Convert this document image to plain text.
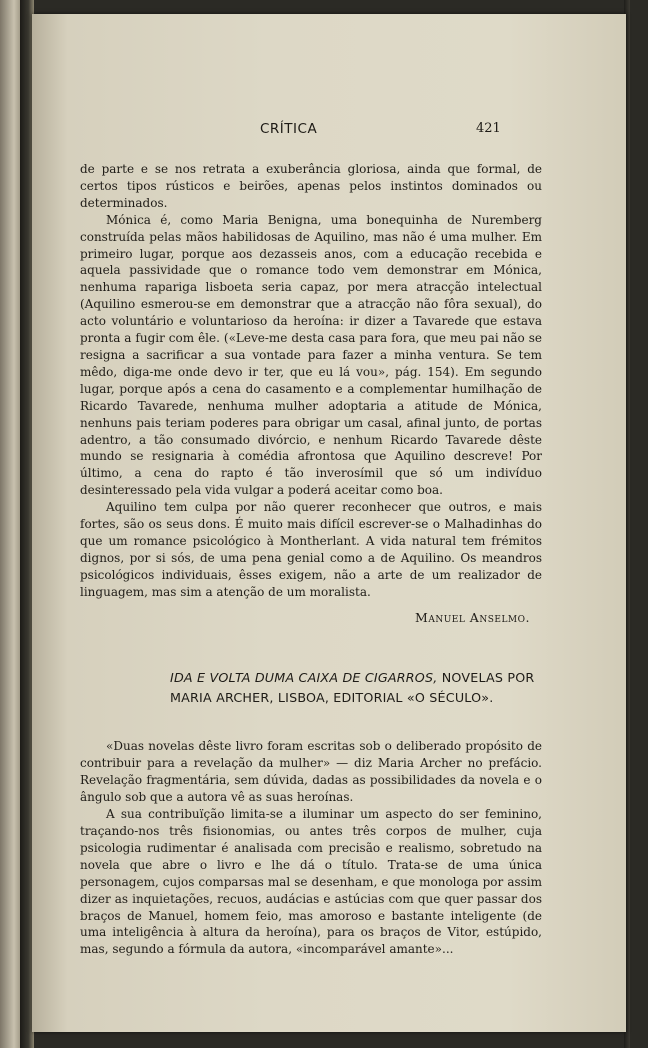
CRÍTICA	421

de parte e se nos retrata a exuberância gloriosa, ainda que formal, de certos tipos rústicos e beirões, apenas pelos instintos dominados ou determinados.

Mónica é, como Maria Benigna, uma bonequinha de Nuremberg construída pelas mãos habilidosas de Aquilino, mas não é uma mulher. Em primeiro lugar, porque aos dezasseis anos, com a educação recebida e aquela passividade que o romance todo vem demonstrar em Mónica, nenhuma rapariga lisboeta seria capaz, por mera atracção intelectual (Aquilino esmerou-se em demonstrar que a atracção não fôra sexual), do acto voluntário e voluntarioso da heroína: ir dizer a Tavarede que estava pronta a fugir com êle. («Leve-me desta casa para fora, que meu pai não se resigna a sacrificar a sua vontade para fazer a minha ventura. Se tem mêdo, diga-me onde devo ir ter, que eu lá vou», pág. 154). Em segundo lugar, porque após a cena do casamento e a complementar humilhação de Ricardo Tavarede, nenhuma mulher adoptaria a atitude de Mónica, nenhuns pais teriam poderes para obrigar um casal, afinal junto, de portas adentro, a tão consumado divórcio, e nenhum Ricardo Tavarede dêste mundo se resignaria à comédia afrontosa que Aquilino descreve! Por último, a cena do rapto é tão inverosímil que só um indivíduo desinteressado pela vida vulgar a poderá aceitar como boa.

Aquilino tem culpa por não querer reconhecer que outros, e mais fortes, são os seus dons. É muito mais difícil escrever-se o Malhadinhas do que um romance psicológico à Montherlant. A vida natural tem frémitos dignos, por si sós, de uma pena genial como a de Aquilino. Os meandros psicológicos individuais, êsses exigem, não a arte de um realizador de linguagem, mas sim a atenção de um moralista.

Manuel Anselmo.
IDA E VOLTA DUMA CAIXA DE CIGARROS, NOVELAS POR MARIA ARCHER, LISBOA, EDITORIAL «O SÉCULO».

«Duas novelas dêste livro foram escritas sob o deliberado propósito de contribuir para a revelação da mulher» — diz Maria Archer no prefácio. Revelação fragmentária, sem dúvida, dadas as possibilidades da novela e o ângulo sob que a autora vê as suas heroínas.

A sua contribuïção limita-se a iluminar um aspecto do ser feminino, traçando-nos três fisionomias, ou antes três corpos de mulher, cuja psicologia rudimentar é analisada com precisão e realismo, sobretudo na novela que abre o livro e lhe dá o título. Trata-se de uma única personagem, cujos comparsas mal se desenham, e que monologa por assim dizer as inquietações, recuos, audácias e astúcias com que quer passar dos braços de Manuel, homem feio, mas amoroso e bastante inteligente (de uma inteligência à altura da heroína), para os braços de Vitor, estúpido, mas, segundo a fórmula da autora, «incomparável amante»...
